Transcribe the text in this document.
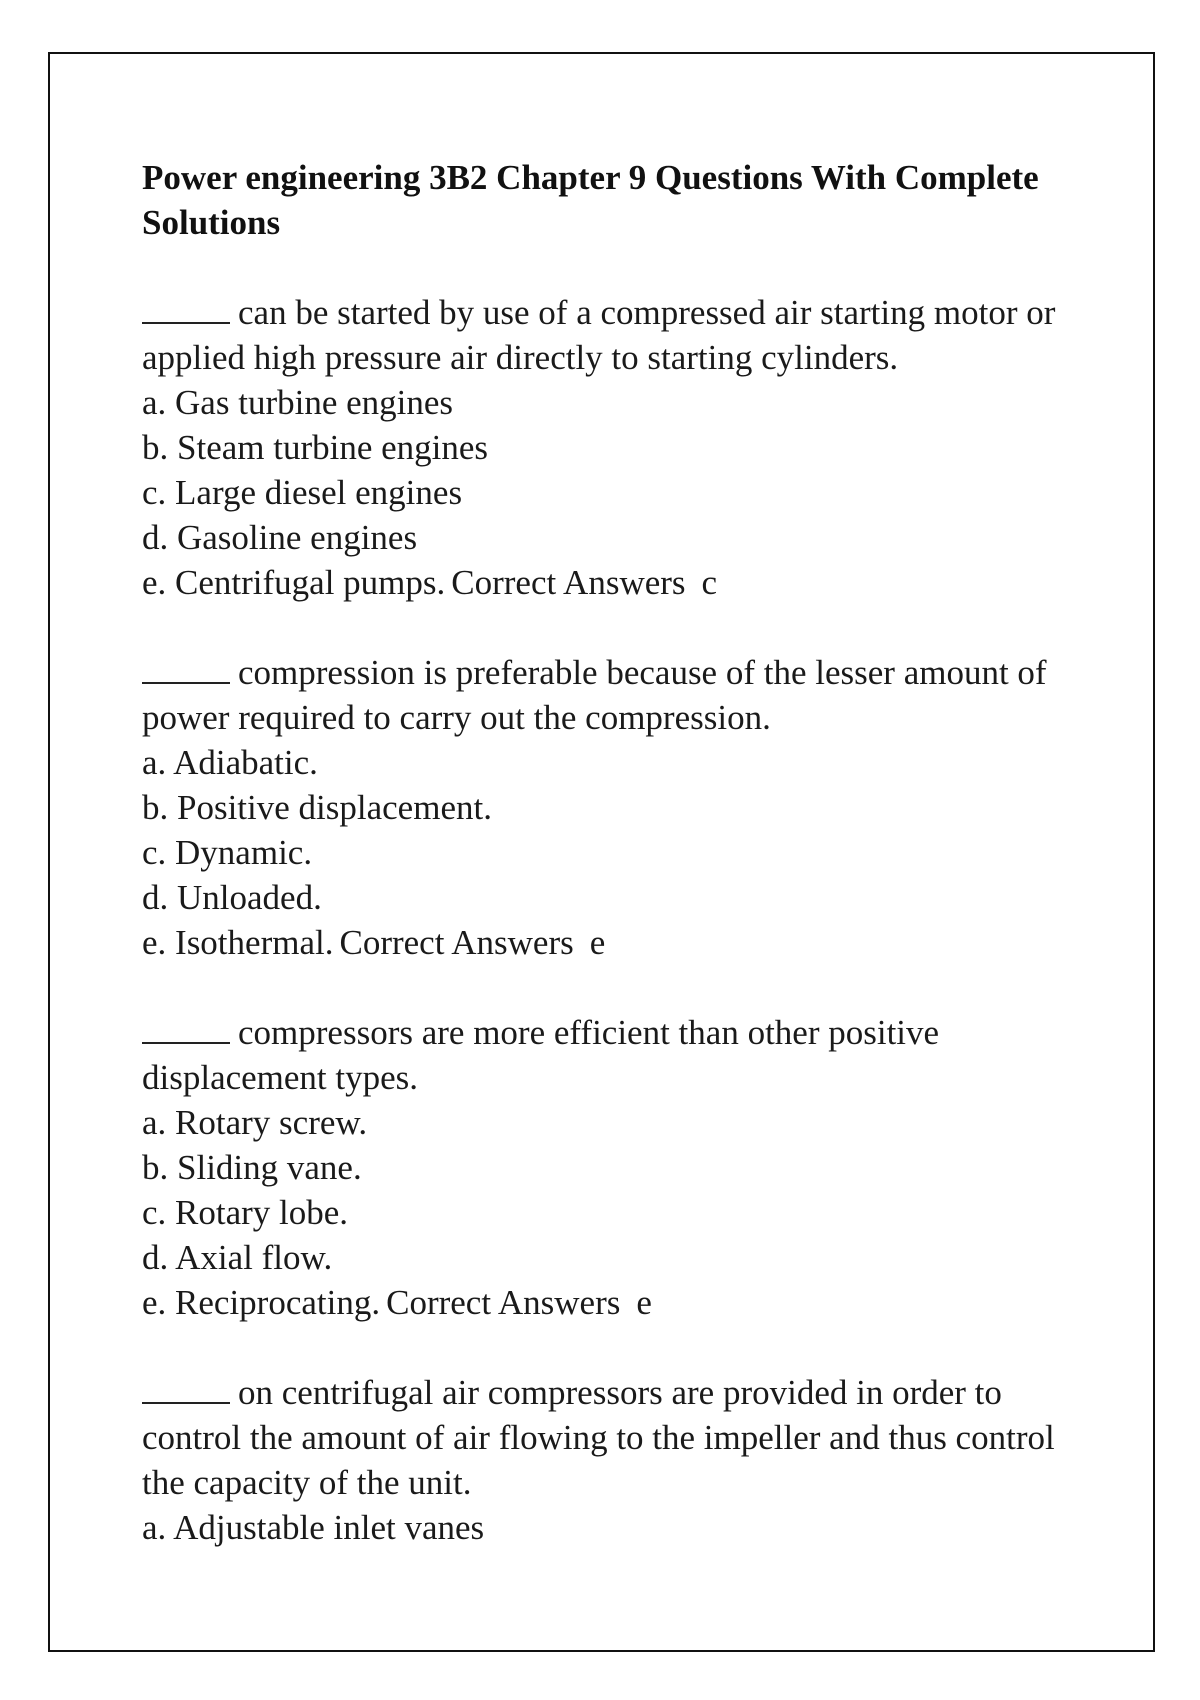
Power engineering 3B2 Chapter 9 Questions With Complete Solutions

can be started by use of a compressed air starting motor or applied high pressure air directly to starting cylinders.

a. Gas turbine engines

b. Steam turbine engines

c. Large diesel engines

d. Gasoline engines

e. Centrifugal pumps. Correct Answers c

compression is preferable because of the lesser amount of power required to carry out the compression.

a. Adiabatic.

b. Positive displacement.

c. Dynamic.

d. Unloaded.

e. Isothermal. Correct Answers e

compressors are more efficient than other positive displacement types.

a. Rotary screw.

b. Sliding vane.

c. Rotary lobe.

d. Axial flow.

e. Reciprocating. Correct Answers e

on centrifugal air compressors are provided in order to control the amount of air flowing to the impeller and thus control the capacity of the unit.

a. Adjustable inlet vanes
